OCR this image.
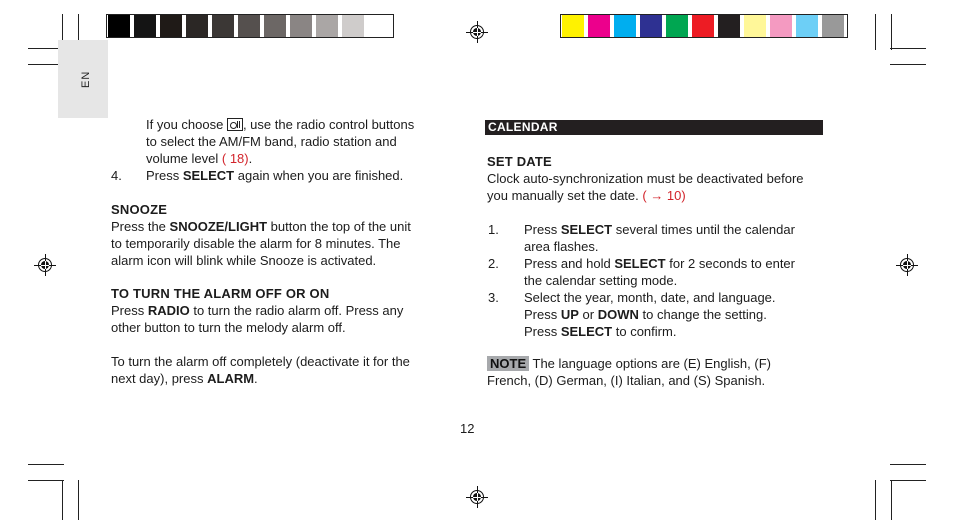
EN
If you choose , use the radio control buttons
to select the AM/FM band, radio station and
volume level ( 18).
4. Press SELECT again when you are finished.
SNOOZE
Press the SNOOZE/LIGHT button the top of the unit
to temporarily disable the alarm for 8 minutes. The
alarm icon will blink while Snooze is activated.
TO TURN THE ALARM OFF OR ON
Press RADIO to turn the radio alarm off. Press any
other button to turn the melody alarm off.
To turn the alarm off completely (deactivate it for the
next day), press ALARM.
CALENDAR
SET DATE
Clock auto-synchronization must be deactivated before
you manually set the date. ( → 10)
1. Press SELECT several times until the calendar
area flashes.
2. Press and hold SELECT for 2 seconds to enter
the calendar setting mode.
3. Select the year, month, date, and language.
Press UP or DOWN to change the setting.
Press SELECT to confirm.
NOTE The language options are (E) English, (F)
French, (D) German, (I) Italian, and (S) Spanish.
12
